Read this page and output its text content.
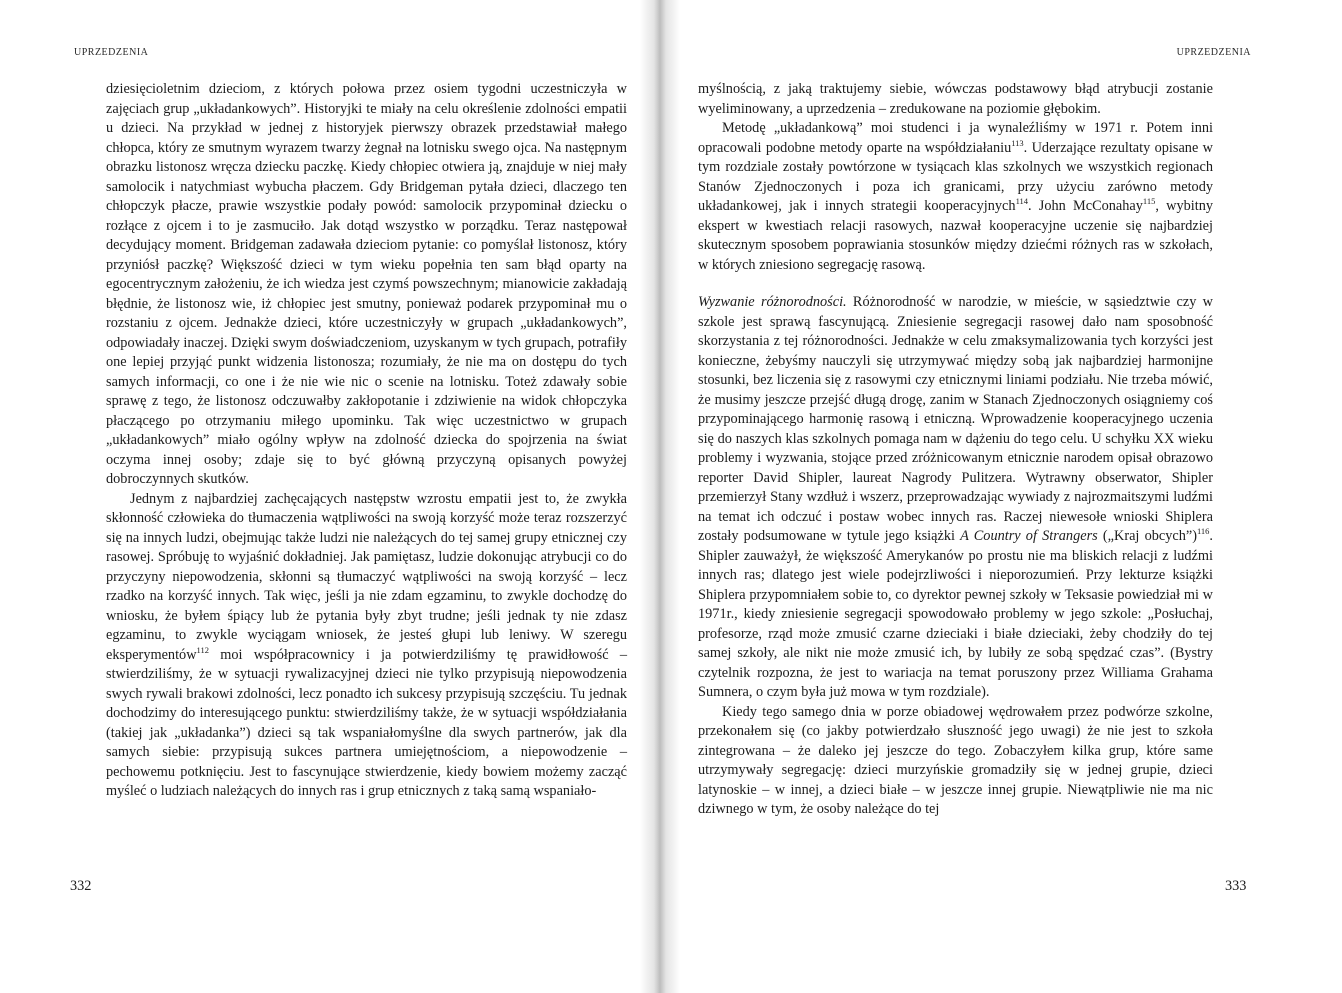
UPRZEDZENIA

dziesięcioletnim dzieciom, z których połowa przez osiem tygodni uczestniczyła w zajęciach grup „układankowych”. Historyjki te miały na celu określenie zdolności empatii u dzieci. Na przykład w jednej z historyjek pierwszy obrazek przedstawiał małego chłopca, który ze smutnym wyrazem twarzy żegnał na lotnisku swego ojca. Na następnym obrazku listonosz wręcza dziecku paczkę. Kiedy chłopiec otwiera ją, znajduje w niej mały samolocik i natychmiast wybucha płaczem. Gdy Bridgeman pytała dzieci, dlaczego ten chłopczyk płacze, prawie wszystkie podały powód: samolocik przypominał dziecku o rozłące z ojcem i to je zasmuciło. Jak dotąd wszystko w porządku. Teraz następował decydujący moment. Bridgeman zadawała dzieciom pytanie: co pomyślał listonosz, który przyniósł paczkę? Większość dzieci w tym wieku popełnia ten sam błąd oparty na egocentrycznym założeniu, że ich wiedza jest czymś powszechnym; mianowicie zakładają błędnie, że listonosz wie, iż chłopiec jest smutny, ponieważ podarek przypominał mu o rozstaniu z ojcem. Jednakże dzieci, które uczestniczyły w grupach „układankowych”, odpowiadały inaczej. Dzięki swym doświadczeniom, uzyskanym w tych grupach, potrafiły one lepiej przyjąć punkt widzenia listonosza; rozumiały, że nie ma on dostępu do tych samych informacji, co one i że nie wie nic o scenie na lotnisku. Toteż zdawały sobie sprawę z tego, że listonosz odczuwałby zakłopotanie i zdziwienie na widok chłopczyka płaczącego po otrzymaniu miłego upominku. Tak więc uczestnictwo w grupach „układankowych” miało ogólny wpływ na zdolność dziecka do spojrzenia na świat oczyma innej osoby; zdaje się to być główną przyczyną opisanych powyżej dobroczynnych skutków.

Jednym z najbardziej zachęcających następstw wzrostu empatii jest to, że zwykła skłonność człowieka do tłumaczenia wątpliwości na swoją korzyść może teraz rozszerzyć się na innych ludzi, obejmując także ludzi nie należących do tej samej grupy etnicznej czy rasowej. Spróbuję to wyjaśnić dokładniej. Jak pamiętasz, ludzie dokonując atrybucji co do przyczyny niepowodzenia, skłonni są tłumaczyć wątpliwości na swoją korzyść – lecz rzadko na korzyść innych. Tak więc, jeśli ja nie zdam egzaminu, to zwykle dochodzę do wniosku, że byłem śpiący lub że pytania były zbyt trudne; jeśli jednak ty nie zdasz egzaminu, to zwykle wyciągam wniosek, że jesteś głupi lub leniwy. W szeregu eksperymentów$^{112}$ moi współpracownicy i ja potwierdziliśmy tę prawidłowość – stwierdziliśmy, że w sytuacji rywalizacyjnej dzieci nie tylko przypisują niepowodzenia swych rywali brakowi zdolności, lecz ponadto ich sukcesy przypisują szczęściu. Tu jednak dochodzimy do interesującego punktu: stwierdziliśmy także, że w sytuacji współdziałania (takiej jak „układanka”) dzieci są tak wspaniałomyślne dla swych partnerów, jak dla samych siebie: przypisują sukces partnera umiejętnościom, a niepowodzenie – pechowemu potknięciu. Jest to fascynujące stwierdzenie, kiedy bowiem możemy zacząć myśleć o ludziach należących do innych ras i grup etnicznych z taką samą wspaniało-

332
UPRZEDZENIA

myślnością, z jaką traktujemy siebie, wówczas podstawowy błąd atrybucji zostanie wyeliminowany, a uprzedzenia – zredukowane na poziomie głębokim.

Metodę „układankową” moi studenci i ja wynaleźliśmy w 1971 r. Potem inni opracowali podobne metody oparte na współdziałaniu$^{113}$. Uderzające rezultaty opisane w tym rozdziale zostały powtórzone w tysiącach klas szkolnych we wszystkich regionach Stanów Zjednoczonych i poza ich granicami, przy użyciu zarówno metody układankowej, jak i innych strategii kooperacyjnych$^{114}$. John McConahay$^{115}$, wybitny ekspert w kwestiach relacji rasowych, nazwał kooperacyjne uczenie się najbardziej skutecznym sposobem poprawiania stosunków między dziećmi różnych ras w szkołach, w których zniesiono segregację rasową.

Wyzwanie różnorodności. Różnorodność w narodzie, w mieście, w sąsiedztwie czy w szkole jest sprawą fascynującą. Zniesienie segregacji rasowej dało nam sposobność skorzystania z tej różnorodności. Jednakże w celu zmaksymalizowania tych korzyści jest konieczne, żebyśmy nauczyli się utrzymywać między sobą jak najbardziej harmonijne stosunki, bez liczenia się z rasowymi czy etnicznymi liniami podziału. Nie trzeba mówić, że musimy jeszcze przejść długą drogę, zanim w Stanach Zjednoczonych osiągniemy coś przypominającego harmonię rasową i etniczną. Wprowadzenie kooperacyjnego uczenia się do naszych klas szkolnych pomaga nam w dążeniu do tego celu. U schyłku XX wieku problemy i wyzwania, stojące przed zróżnicowanym etnicznie narodem opisał obrazowo reporter David Shipler, laureat Nagrody Pulitzera. Wytrawny obserwator, Shipler przemierzył Stany wzdłuż i wszerz, przeprowadzając wywiady z najrozmaitszymi ludźmi na temat ich odczuć i postaw wobec innych ras. Raczej niewesołe wnioski Shiplera zostały podsumowane w tytule jego książki A Country of Strangers („Kraj obcych”)$^{116}$. Shipler zauważył, że większość Amerykanów po prostu nie ma bliskich relacji z ludźmi innych ras; dlatego jest wiele podejrzliwości i nieporozumień. Przy lekturze książki Shiplera przypomniałem sobie to, co dyrektor pewnej szkoły w Teksasie powiedział mi w 1971r., kiedy zniesienie segregacji spowodowało problemy w jego szkole: „Posłuchaj, profesorze, rząd może zmusić czarne dzieciaki i białe dzieciaki, żeby chodziły do tej samej szkoły, ale nikt nie może zmusić ich, by lubiły ze sobą spędzać czas”. (Bystry czytelnik rozpozna, że jest to wariacja na temat poruszony przez Williama Grahama Sumnera, o czym była już mowa w tym rozdziale).

Kiedy tego samego dnia w porze obiadowej wędrowałem przez podwórze szkolne, przekonałem się (co jakby potwierdzało słuszność jego uwagi) że nie jest to szkoła zintegrowana – że daleko jej jeszcze do tego. Zobaczyłem kilka grup, które same utrzymywały segregację: dzieci murzyńskie gromadziły się w jednej grupie, dzieci latynoskie – w innej, a dzieci białe – w jeszcze innej grupie. Niewątpliwie nie ma nic dziwnego w tym, że osoby należące do tej

333
